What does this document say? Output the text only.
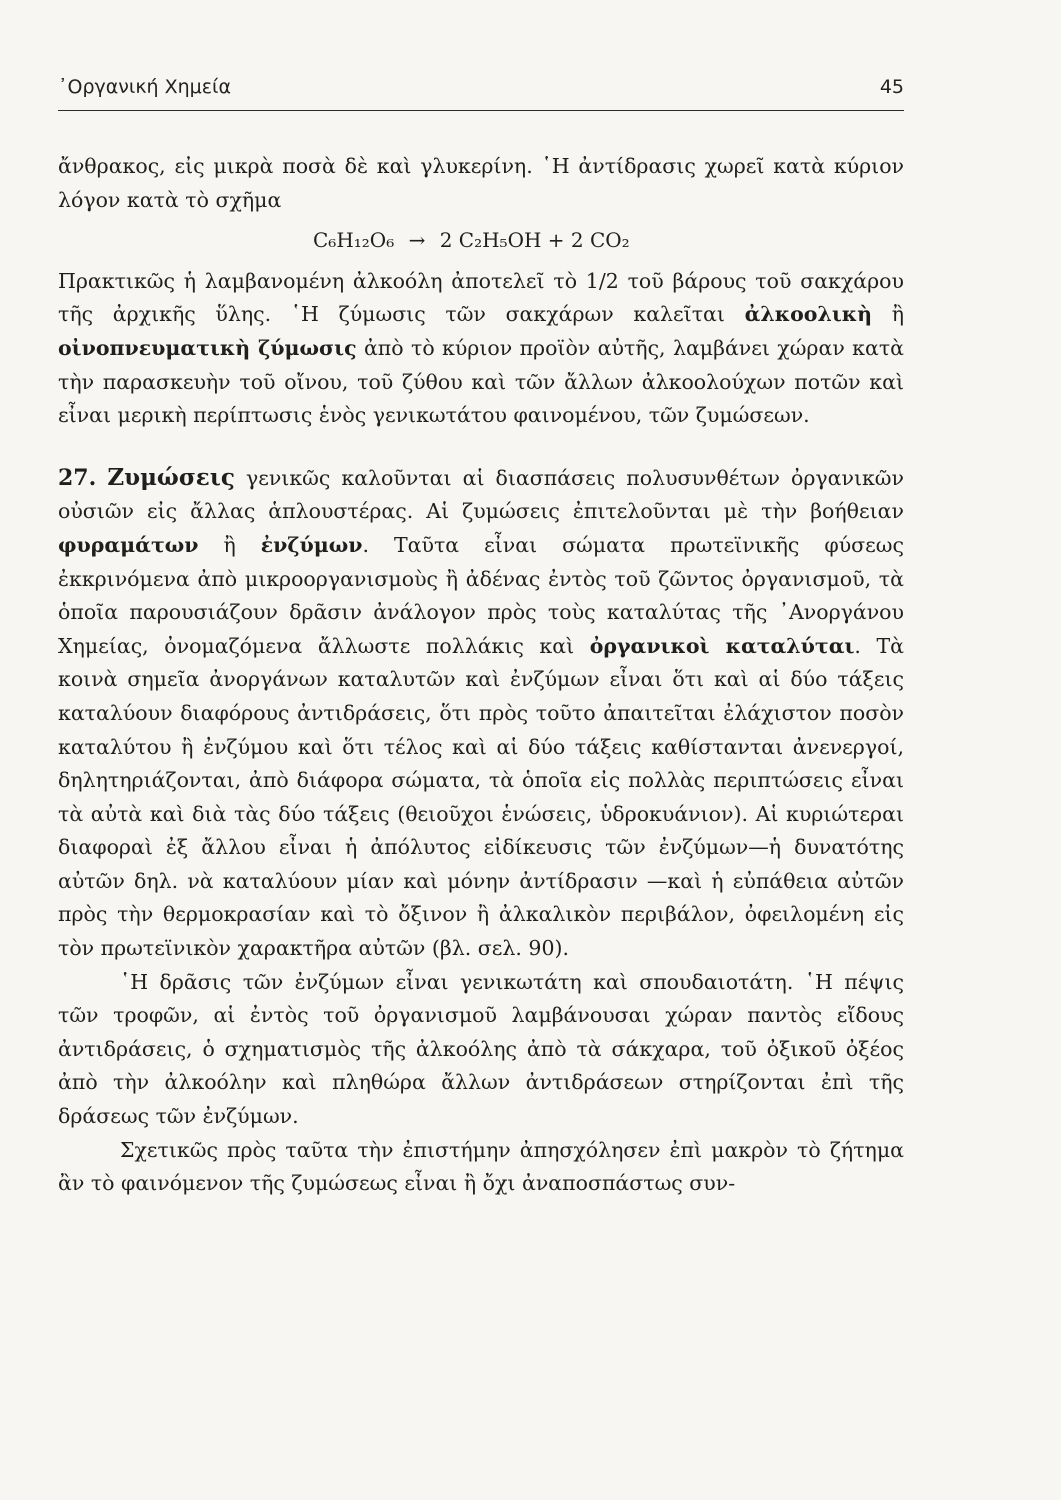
᾿Οργανική Χημεία	45

ἄνθρακος, εἰς μικρὰ ποσὰ δὲ καὶ γλυκερίνη. ῾Η ἀντίδρασις χωρεῖ κατὰ κύριον λόγον κατὰ τὸ σχῆμα

C₆H₁₂O₆ → 2 C₂H₅OH + 2 CO₂

Πρακτικῶς ἡ λαμβανομένη ἀλκοόλη ἀποτελεῖ τὸ 1/2 τοῦ βάρους τοῦ σακχάρου τῆς ἀρχικῆς ὕλης. ῾Η ζύμωσις τῶν σακχάρων καλεῖται ἀλκοολικὴ ἢ οἰνοπνευματικὴ ζύμωσις ἀπὸ τὸ κύριον προϊὸν αὐτῆς, λαμβάνει χώραν κατὰ τὴν παρασκευὴν τοῦ οἴνου, τοῦ ζύθου καὶ τῶν ἄλλων ἀλκοολούχων ποτῶν καὶ εἶναι μερικὴ περίπτωσις ἑνὸς γενικωτάτου φαινομένου, τῶν ζυμώσεων.

27. Ζυμώσεις γενικῶς καλοῦνται αἱ διασπάσεις πολυσυνθέτων ὀργανικῶν οὐσιῶν εἰς ἄλλας ἁπλουστέρας. Αἱ ζυμώσεις ἐπιτελοῦνται μὲ τὴν βοήθειαν φυραμάτων ἢ ἐνζύμων. Ταῦτα εἶναι σώματα πρωτεϊνικῆς φύσεως ἐκκρινόμενα ἀπὸ μικροοργανισμοὺς ἢ ἀδένας ἐντὸς τοῦ ζῶντος ὀργανισμοῦ, τὰ ὁποῖα παρουσιάζουν δρᾶσιν ἀνάλογον πρὸς τοὺς καταλύτας τῆς ᾿Ανοργάνου Χημείας, ὀνομαζόμενα ἄλλωστε πολλάκις καὶ ὀργανικοὶ καταλύται. Τὰ κοινὰ σημεῖα ἀνοργάνων καταλυτῶν καὶ ἐνζύμων εἶναι ὅτι καὶ αἱ δύο τάξεις καταλύουν διαφόρους ἀντιδράσεις, ὅτι πρὸς τοῦτο ἀπαιτεῖται ἐλάχιστον ποσὸν καταλύτου ἢ ἐνζύμου καὶ ὅτι τέλος καὶ αἱ δύο τάξεις καθίστανται ἀνενεργοί, δηλητηριάζονται, ἀπὸ διάφορα σώματα, τὰ ὁποῖα εἰς πολλὰς περιπτώσεις εἶναι τὰ αὐτὰ καὶ διὰ τὰς δύο τάξεις (θειοῦχοι ἑνώσεις, ὑδροκυάνιον). Αἱ κυριώτεραι διαφοραὶ ἐξ ἄλλου εἶναι ἡ ἀπόλυτος εἰδίκευσις τῶν ἐνζύμων—ἡ δυνατότης αὐτῶν δηλ. νὰ καταλύουν μίαν καὶ μόνην ἀντίδρασιν —καὶ ἡ εὐπάθεια αὐτῶν πρὸς τὴν θερμοκρασίαν καὶ τὸ ὄξινον ἢ ἀλκαλικὸν περιβάλον, ὀφειλομένη εἰς τὸν πρωτεϊνικὸν χαρακτῆρα αὐτῶν (βλ. σελ. 90).

῾Η δρᾶσις τῶν ἐνζύμων εἶναι γενικωτάτη καὶ σπουδαιοτάτη. ῾Η πέψις τῶν τροφῶν, αἱ ἐντὸς τοῦ ὀργανισμοῦ λαμβάνουσαι χώραν παντὸς εἴδους ἀντιδράσεις, ὁ σχηματισμὸς τῆς ἀλκοόλης ἀπὸ τὰ σάκχαρα, τοῦ ὀξικοῦ ὀξέος ἀπὸ τὴν ἀλκοόλην καὶ πληθώρα ἄλλων ἀντιδράσεων στηρίζονται ἐπὶ τῆς δράσεως τῶν ἐνζύμων.

Σχετικῶς πρὸς ταῦτα τὴν ἐπιστήμην ἀπησχόλησεν ἐπὶ μακρὸν τὸ ζήτημα ἂν τὸ φαινόμενον τῆς ζυμώσεως εἶναι ἢ ὄχι ἀναποσπάστως συν-
